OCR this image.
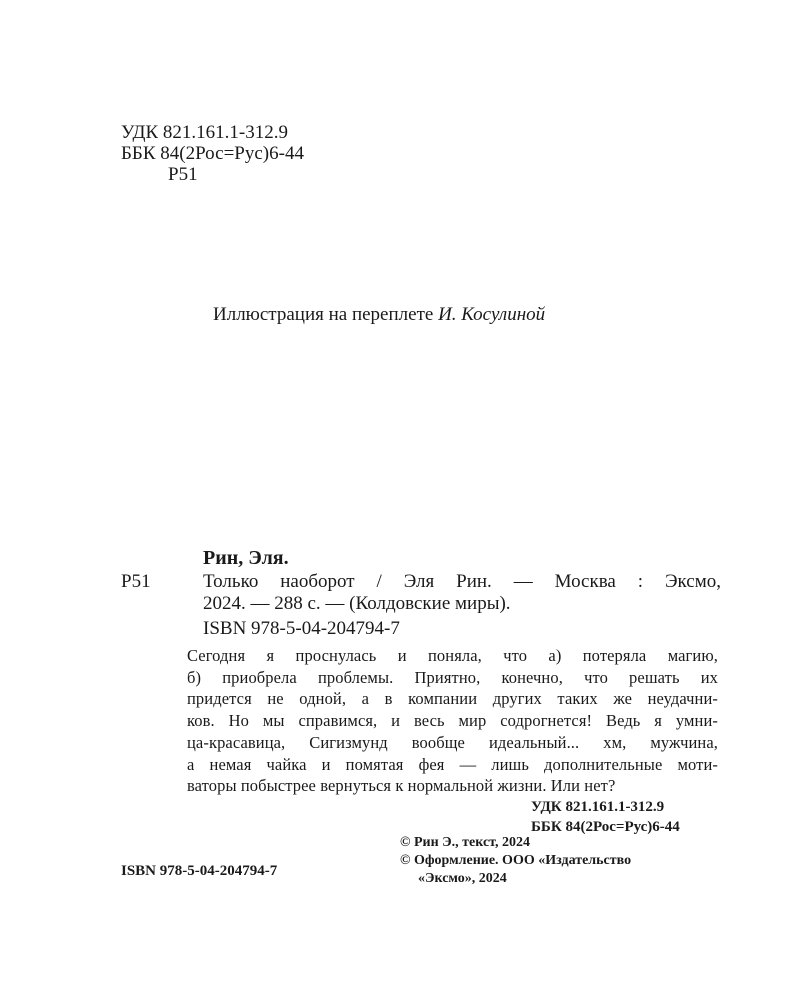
УДК 821.161.1-312.9
ББК 84(2Рос=Рус)6-44
Р51
Иллюстрация на переплете И. Косулиной
Рин, Эля.
Р51	Только наоборот / Эля Рин. — Москва : Эксмо,
2024. — 288 с. — (Колдовские миры).
ISBN 978-5-04-204794-7
Сегодня я проснулась и поняла, что а) потеряла магию,
б) приобрела проблемы. Приятно, конечно, что решать их
придется не одной, а в компании других таких же неудачни-
ков. Но мы справимся, и весь мир содрогнется! Ведь я умни-
ца-красавица, Сигизмунд вообще идеальный... хм, мужчина,
а немая чайка и помятая фея — лишь дополнительные моти-
ваторы побыстрее вернуться к нормальной жизни. Или нет?
УДК 821.161.1-312.9
ББК 84(2Рос=Рус)6-44
© Рин Э., текст, 2024
© Оформление. ООО «Издательство
«Эксмо», 2024
ISBN 978-5-04-204794-7
